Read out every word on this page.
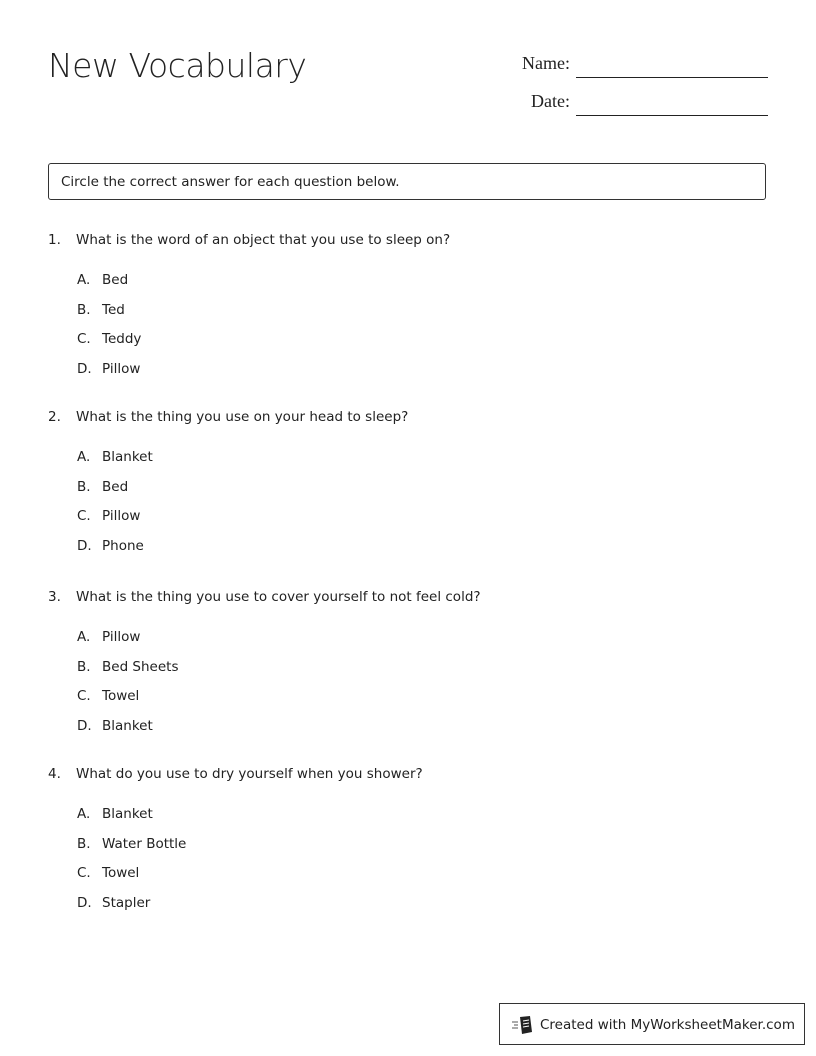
New Vocabulary	Name:
Date:
Circle the correct answer for each question below.
1.	What is the word of an object that you use to sleep on?
A. Bed
B. Ted
C. Teddy
D. Pillow
2.	What is the thing you use on your head to sleep?
A. Blanket
B. Bed
C. Pillow
D. Phone
3.	What is the thing you use to cover yourself to not feel cold?
A. Pillow
B. Bed Sheets
C. Towel
D. Blanket
4.	What do you use to dry yourself when you shower?
A. Blanket
B. Water Bottle
C. Towel
D. Stapler
Created with MyWorksheetMaker.com
